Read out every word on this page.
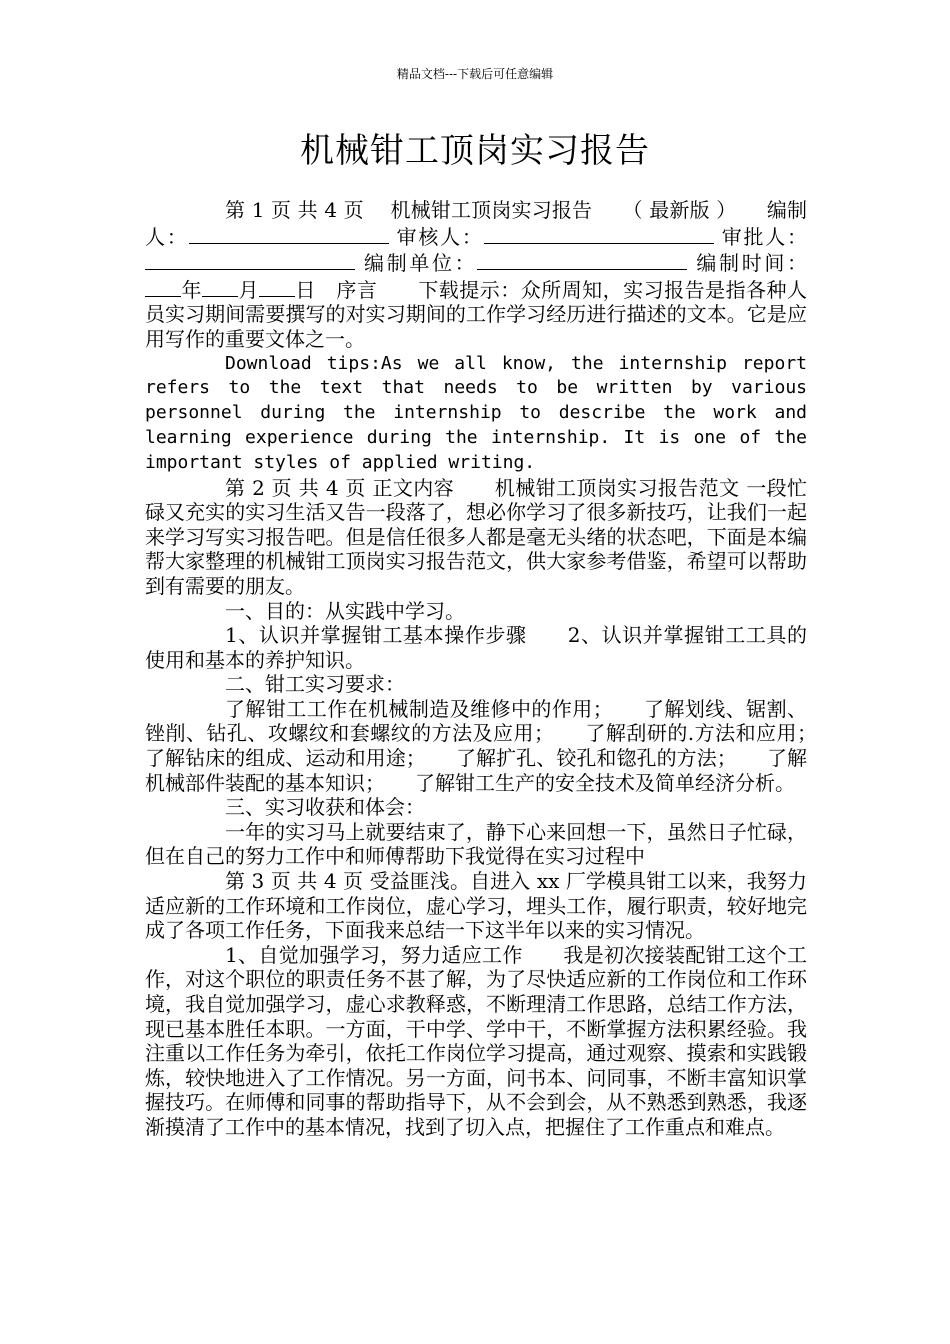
精品文档---下载后可任意编辑
机械钳工顶岗实习报告

第 1 页 共 4 页　 机械钳工顶岗实习报告　　（ 最新版 ）　　编制人：	审核人：	审批人： 编制单位：	编制时间：年 月 日　 序言　　下载提示：众所周知，实习报告是指各种人员实习期间需要撰写的对实习期间的工作学习经历进行描述的文本。它是应用写作的重要文体之一。

Download tips:As we all know, the internship report refers to the text that needs to be written by various personnel during the internship to describe the work and learning experience during the internship. It is one of the important styles of applied writing.

第 2 页 共 4 页 正文内容　　机械钳工顶岗实习报告范文 一段忙碌又充实的实习生活又告一段落了，想必你学习了很多新技巧，让我们一起来学习写实习报告吧。但是信任很多人都是毫无头绪的状态吧，下面是本编帮大家整理的机械钳工顶岗实习报告范文，供大家参考借鉴，希望可以帮助到有需要的朋友。

一、目的：从实践中学习。

1、认识并掌握钳工基本操作步骤　　2、认识并掌握钳工工具的使用和基本的养护知识。

二、钳工实习要求：

了解钳工工作在机械制造及维修中的作用；　　了解划线、锯割、锉削、钻孔、攻螺纹和套螺纹的方法及应用；　　了解刮研的.方法和应用；　　了解钻床的组成、运动和用途；　　了解扩孔、铰孔和锪孔的方法；　　了解机械部件装配的基本知识；　　了解钳工生产的安全技术及简单经济分析。

三、实习收获和体会：

一年的实习马上就要结束了，静下心来回想一下，虽然日子忙碌，但在自己的努力工作中和师傅帮助下我觉得在实习过程中

第 3 页 共 4 页 受益匪浅。自进入 xx 厂学模具钳工以来，我努力适应新的工作环境和工作岗位，虚心学习，埋头工作，履行职责，较好地完成了各项工作任务，下面我来总结一下这半年以来的实习情况。

1、自觉加强学习，努力适应工作　　我是初次接装配钳工这个工作，对这个职位的职责任务不甚了解，为了尽快适应新的工作岗位和工作环境，我自觉加强学习，虚心求教释惑，不断理清工作思路，总结工作方法，现已基本胜任本职。一方面，干中学、学中干，不断掌握方法积累经验。我注重以工作任务为牵引，依托工作岗位学习提高，通过观察、摸索和实践锻炼，较快地进入了工作情况。另一方面，问书本、问同事，不断丰富知识掌握技巧。在师傅和同事的帮助指导下，从不会到会，从不熟悉到熟悉，我逐渐摸清了工作中的基本情况，找到了切入点，把握住了工作重点和难点。
